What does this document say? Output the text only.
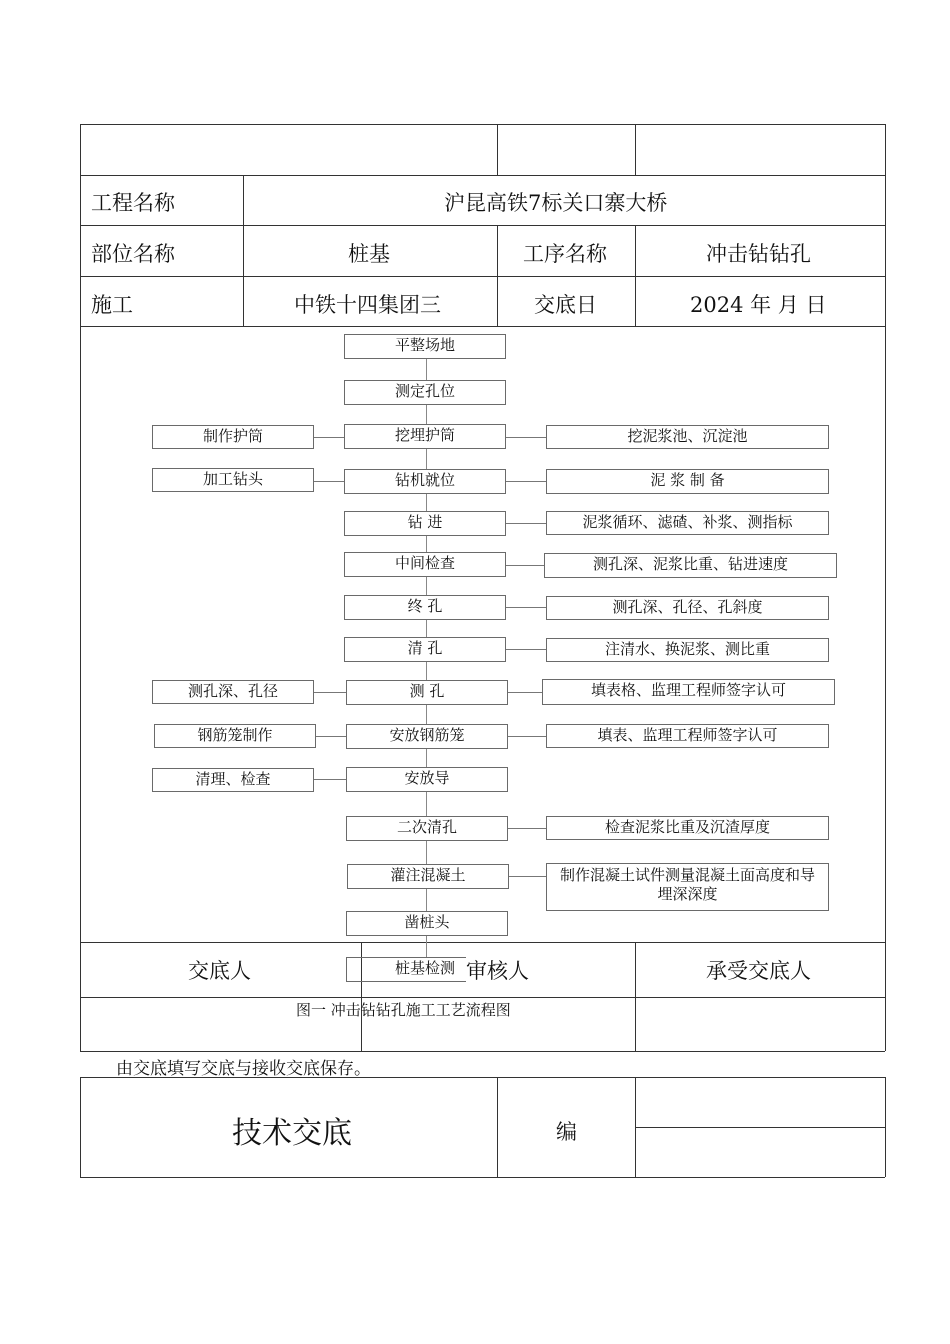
工程名称	沪昆高铁7标关口寨大桥
部位名称	桩基	工序名称	冲击钻钻孔
施工	中铁十四集团三	交底日	2024 年 月 日
平整场地
测定孔位
挖埋护筒
钻机就位
钻 进
中间检查
终 孔
清 孔
测 孔
安放钢筋笼
安放导
二次清孔
灌注混凝土
凿桩头
制作护筒
加工钻头
测孔深、孔径
钢筋笼制作
清理、检查
挖泥浆池、沉淀池
泥 浆 制 备
泥浆循环、滤碴、补浆、测指标
测孔深、泥浆比重、钻进速度
测孔深、孔径、孔斜度
注清水、换泥浆、测比重
填表格、监理工程师签字认可
填表、监理工程师签字认可
检查泥浆比重及沉渣厚度
制作混凝土试件测量混凝土面高度和导
埋深深度
桩基检测
图一 冲击钻钻孔施工工艺流程图
交底人	审核人	承受交底人
由交底填写交底与接收交底保存。
技术交底	编
